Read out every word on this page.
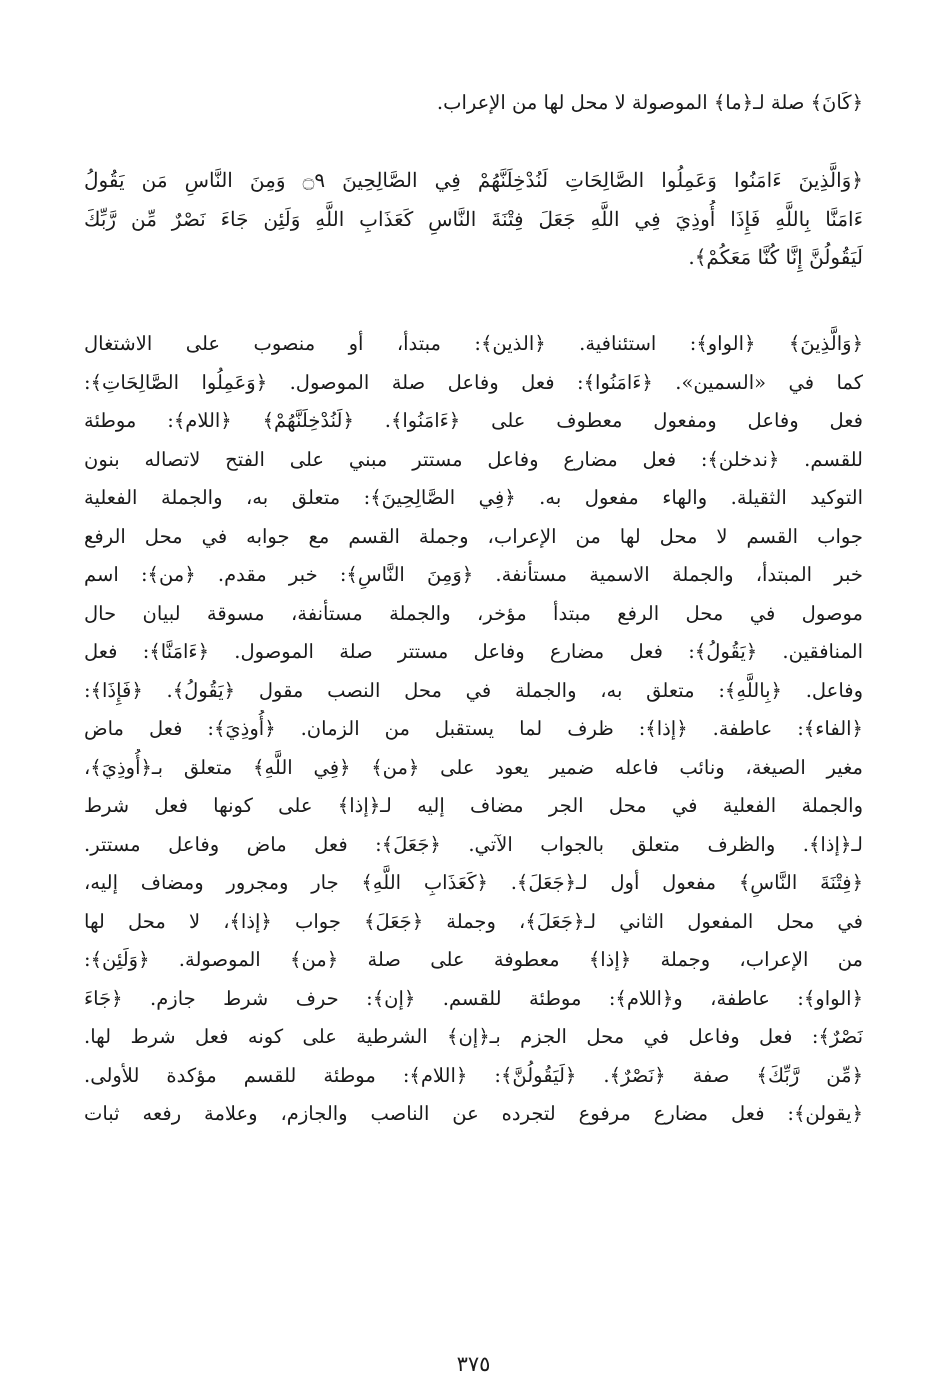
﴿كَانَ﴾ صلة لـ﴿ما﴾ الموصولة لا محل لها من الإعراب.
﴿وَالَّذِينَ ءَامَنُوا وَعَمِلُوا الصَّالِحَاتِ لَنُدْخِلَنَّهُمْ فِي الصَّالِحِينَ ۝٩ وَمِنَ النَّاسِ مَن يَقُولُ
ءَامَنَّا بِاللَّهِ فَإِذَا أُوذِيَ فِي اللَّهِ جَعَلَ فِتْنَةَ النَّاسِ كَعَذَابِ اللَّهِ وَلَئِن جَاءَ نَصْرٌ مِّن رَّبِّكَ
لَيَقُولُنَّ إِنَّا كُنَّا مَعَكُمْ﴾.
﴿وَالَّذِينَ﴾ ﴿الواو﴾: استئنافية. ﴿الذين﴾: مبتدأ، أو منصوب على الاشتغال
كما في «السمين». ﴿ءَامَنُوا﴾: فعل وفاعل صلة الموصول. ﴿وَعَمِلُوا الصَّالِحَاتِ﴾:
فعل وفاعل ومفعول معطوف على ﴿ءَامَنُوا﴾. ﴿لَنُدْخِلَنَّهُمْ﴾ ﴿اللام﴾: موطئة
للقسم. ﴿ندخلن﴾: فعل مضارع وفاعل مستتر مبني على الفتح لاتصاله بنون
التوكيد الثقيلة. والهاء مفعول به. ﴿فِي الصَّالِحِينَ﴾: متعلق به، والجملة الفعلية
جواب القسم لا محل لها من الإعراب، وجملة القسم مع جوابه في محل الرفع
خبر المبتدأ، والجملة الاسمية مستأنفة. ﴿وَمِنَ النَّاسِ﴾: خبر مقدم. ﴿من﴾: اسم
موصول في محل الرفع مبتدأ مؤخر، والجملة مستأنفة، مسوقة لبيان حال
المنافقين. ﴿يَقُولُ﴾: فعل مضارع وفاعل مستتر صلة الموصول. ﴿ءَامَنَّا﴾: فعل
وفاعل. ﴿بِاللَّهِ﴾: متعلق به، والجملة في محل النصب مقول ﴿يَقُولُ﴾. ﴿فَإِذَا﴾:
﴿الفاء﴾: عاطفة. ﴿إذا﴾: ظرف لما يستقبل من الزمان. ﴿أُوذِيَ﴾: فعل ماض
مغير الصيغة، ونائب فاعله ضمير يعود على ﴿من﴾ ﴿فِي اللَّهِ﴾ متعلق بـ﴿أُوذِيَ﴾،
والجملة الفعلية في محل الجر مضاف إليه لـ﴿إذا﴾ على كونها فعل شرط
لـ﴿إذا﴾. والظرف متعلق بالجواب الآتي. ﴿جَعَلَ﴾: فعل ماض وفاعل مستتر.
﴿فِتْنَةَ النَّاسِ﴾ مفعول أول لـ﴿جَعَلَ﴾. ﴿كَعَذَابِ اللَّهِ﴾ جار ومجرور ومضاف إليه،
في محل المفعول الثاني لـ﴿جَعَلَ﴾، وجملة ﴿جَعَلَ﴾ جواب ﴿إذا﴾، لا محل لها
من الإعراب، وجملة ﴿إذا﴾ معطوفة على صلة ﴿من﴾ الموصولة. ﴿وَلَئِن﴾:
﴿الواو﴾: عاطفة، و﴿اللام﴾: موطئة للقسم. ﴿إن﴾: حرف شرط جازم. ﴿جَاءَ
نَصْرٌ﴾: فعل وفاعل في محل الجزم بـ﴿إن﴾ الشرطية على كونه فعل شرط لها.
﴿مِّن رَّبِّكَ﴾ صفة ﴿نَصْرٌ﴾. ﴿لَيَقُولُنَّ﴾: ﴿اللام﴾: موطئة للقسم مؤكدة للأولى.
﴿يقولن﴾: فعل مضارع مرفوع لتجرده عن الناصب والجازم، وعلامة رفعه ثبات
٣٧٥
